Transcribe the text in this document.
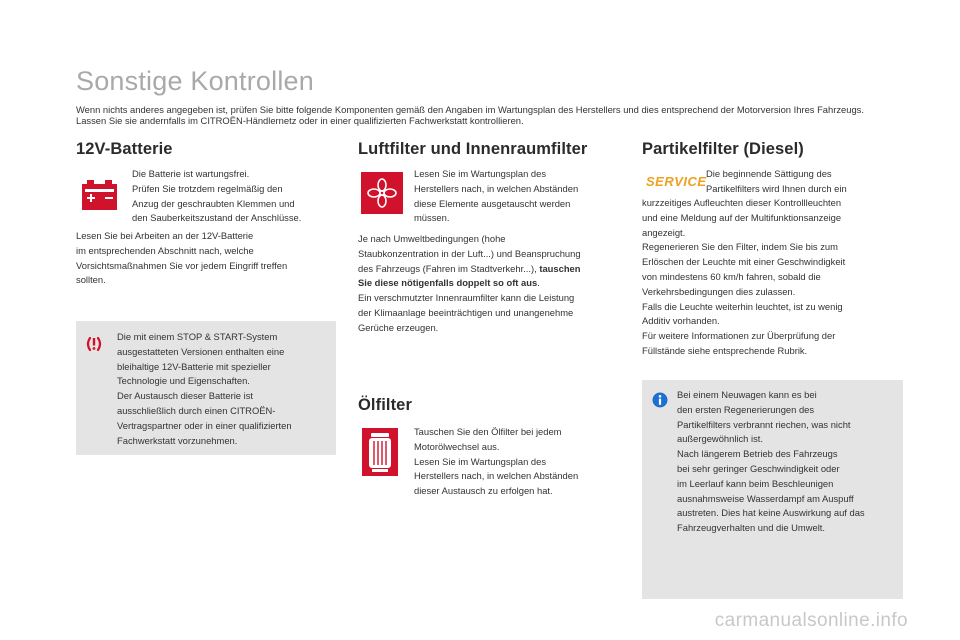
Sonstige Kontrollen

Wenn nichts anderes angegeben ist, prüfen Sie bitte folgende Komponenten gemäß den Angaben im Wartungsplan des Herstellers und dies entsprechend der Motorversion Ihres Fahrzeugs.

Lassen Sie sie andernfalls im CITROËN-Händlernetz oder in einer qualifizierten Fachwerkstatt kontrollieren.

12V-Batterie

Die Batterie ist wartungsfrei.

Prüfen Sie trotzdem regelmäßig den

Anzug der geschraubten Klemmen und

den Sauberkeitszustand der Anschlüsse.

Lesen Sie bei Arbeiten an der 12V-Batterie

im entsprechenden Abschnitt nach, welche

Vorsichtsmaßnahmen Sie vor jedem Eingriff treffen

sollten.

Die mit einem STOP & START-System

ausgestatteten Versionen enthalten eine

bleihaltige 12V-Batterie mit spezieller

Technologie und Eigenschaften.

Der Austausch dieser Batterie ist

ausschließlich durch einen CITROËN-

Vertragspartner oder in einer qualifizierten

Fachwerkstatt vorzunehmen.

Luftfilter und Innenraumfilter

Lesen Sie im Wartungsplan des

Herstellers nach, in welchen Abständen

diese Elemente ausgetauscht werden

müssen.

Je nach Umweltbedingungen (hohe

Staubkonzentration in der Luft...) und Beanspruchung

des Fahrzeugs (Fahren im Stadtverkehr...), tauschen

Sie diese nötigenfalls doppelt so oft aus.

Ein verschmutzter Innenraumfilter kann die Leistung

der Klimaanlage beeinträchtigen und unangenehme

Gerüche erzeugen.

Ölfilter

Tauschen Sie den Ölfilter bei jedem

Motorölwechsel aus.

Lesen Sie im Wartungsplan des

Herstellers nach, in welchen Abständen

dieser Austausch zu erfolgen hat.

Partikelfilter (Diesel)
SERVICE

Die beginnende Sättigung des

Partikelfilters wird Ihnen durch ein

kurzzeitiges Aufleuchten dieser Kontrollleuchten

und eine Meldung auf der Multifunktionsanzeige

angezeigt.

Regenerieren Sie den Filter, indem Sie bis zum

Erlöschen der Leuchte mit einer Geschwindigkeit

von mindestens 60 km/h fahren, sobald die

Verkehrsbedingungen dies zulassen.

Falls die Leuchte weiterhin leuchtet, ist zu wenig

Additiv vorhanden.

Für weitere Informationen zur Überprüfung der

Füllstände siehe entsprechende Rubrik.

Bei einem Neuwagen kann es bei

den ersten Regenerierungen des

Partikelfilters verbrannt riechen, was nicht

außergewöhnlich ist.

Nach längerem Betrieb des Fahrzeugs

bei sehr geringer Geschwindigkeit oder

im Leerlauf kann beim Beschleunigen

ausnahmsweise Wasserdampf am Auspuff

austreten. Dies hat keine Auswirkung auf das

Fahrzeugverhalten und die Umwelt.

carmanualsonline.info
